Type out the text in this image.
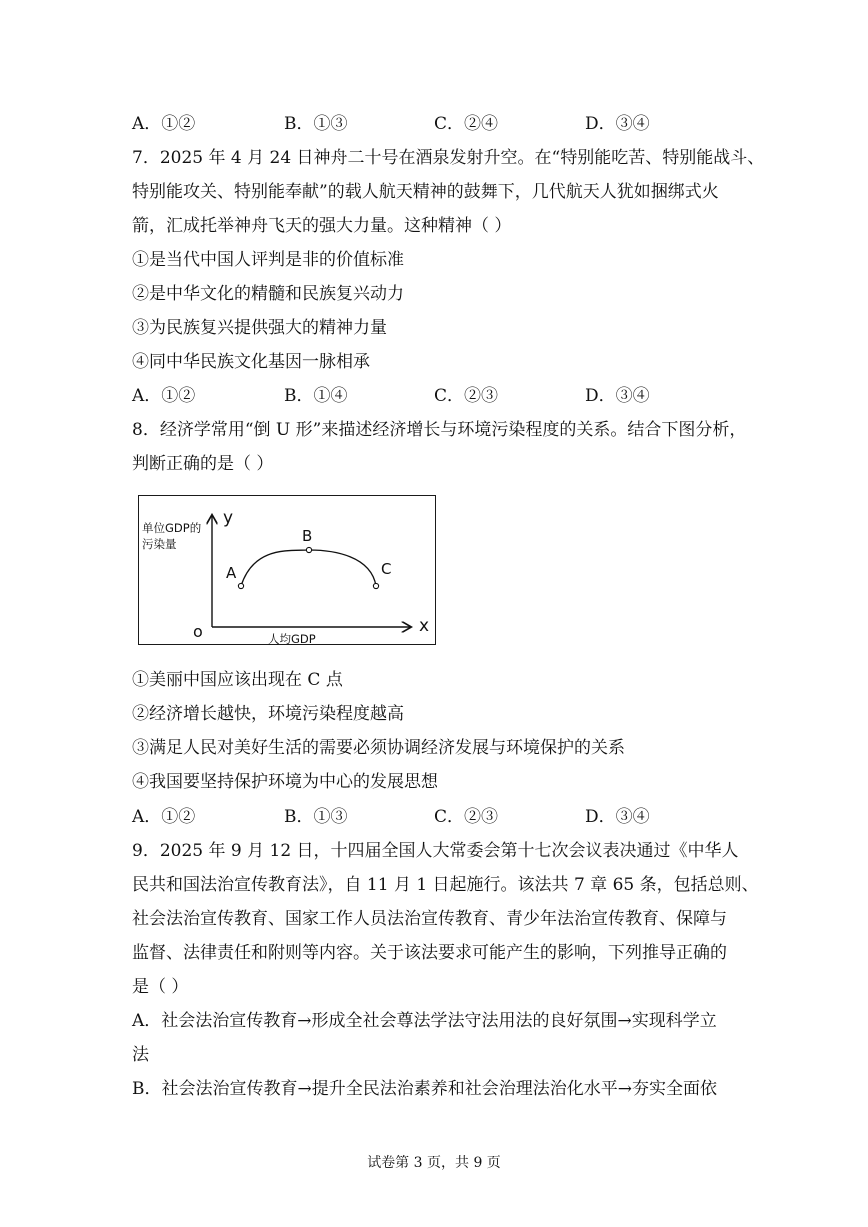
A．①②	B．①③	C．②④	D．③④
7．2025 年 4 月 24 日神舟二十号在酒泉发射升空。在“特别能吃苦、特别能战斗、
特别能攻关、特别能奉献”的载人航天精神的鼓舞下，几代航天人犹如捆绑式火
箭，汇成托举神舟飞天的强大力量。这种精神（ ）
①是当代中国人评判是非的价值标准
②是中华文化的精髓和民族复兴动力
③为民族复兴提供强大的精神力量
④同中华民族文化基因一脉相承
A．①②	B．①④	C．②③	D．③④
8．经济学常用“倒 U 形”来描述经济增长与环境污染程度的关系。结合下图分析，
判断正确的是（ ）
y
x
o
单位GDP的
污染量
人均GDP
A
B
C
①美丽中国应该出现在 C 点
②经济增长越快，环境污染程度越高
③满足人民对美好生活的需要必须协调经济发展与环境保护的关系
④我国要坚持保护环境为中心的发展思想
A．①②	B．①③	C．②③	D．③④
9．2025 年 9 月 12 日，十四届全国人大常委会第十七次会议表决通过《中华人
民共和国法治宣传教育法》，自 11 月 1 日起施行。该法共 7 章 65 条，包括总则、
社会法治宣传教育、国家工作人员法治宣传教育、青少年法治宣传教育、保障与
监督、法律责任和附则等内容。关于该法要求可能产生的影响，下列推导正确的
是（ ）
A．社会法治宣传教育→形成全社会尊法学法守法用法的良好氛围→实现科学立
法
B．社会法治宣传教育→提升全民法治素养和社会治理法治化水平→夯实全面依
试卷第 3 页，共 9 页
